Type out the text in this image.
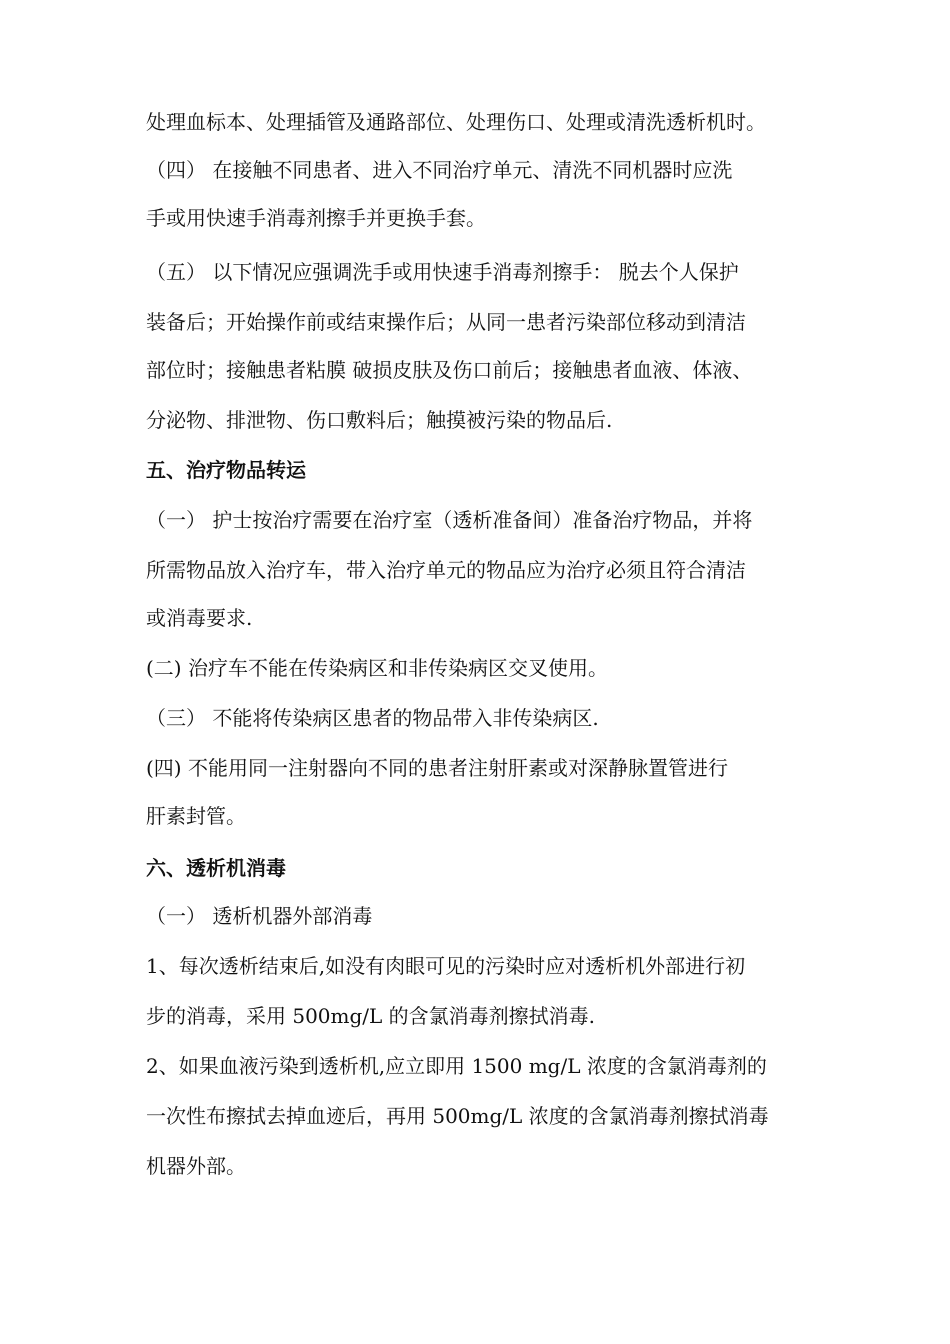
处理血标本、处理插管及通路部位、处理伤口、处理或清洗透析机时。
（四） 在接触不同患者、进入不同治疗单元、清洗不同机器时应洗
手或用快速手消毒剂擦手并更换手套。
（五） 以下情况应强调洗手或用快速手消毒剂擦手： 脱去个人保护
装备后；开始操作前或结束操作后；从同一患者污染部位移动到清洁
部位时；接触患者粘膜 破损皮肤及伤口前后；接触患者血液、体液、
分泌物、排泄物、伤口敷料后；触摸被污染的物品后.
五、治疗物品转运
（一） 护士按治疗需要在治疗室（透析准备间）准备治疗物品，并将
所需物品放入治疗车，带入治疗单元的物品应为治疗必须且符合清洁
或消毒要求.
(二) 治疗车不能在传染病区和非传染病区交叉使用。
（三） 不能将传染病区患者的物品带入非传染病区.
(四) 不能用同一注射器向不同的患者注射肝素或对深静脉置管进行
肝素封管。
六、透析机消毒
（一） 透析机器外部消毒
1、每次透析结束后,如没有肉眼可见的污染时应对透析机外部进行初
步的消毒，采用 500mg/L 的含氯消毒剂擦拭消毒.
2、如果血液污染到透析机,应立即用 1500 mg/L 浓度的含氯消毒剂的
一次性布擦拭去掉血迹后，再用 500mg/L 浓度的含氯消毒剂擦拭消毒
机器外部。
